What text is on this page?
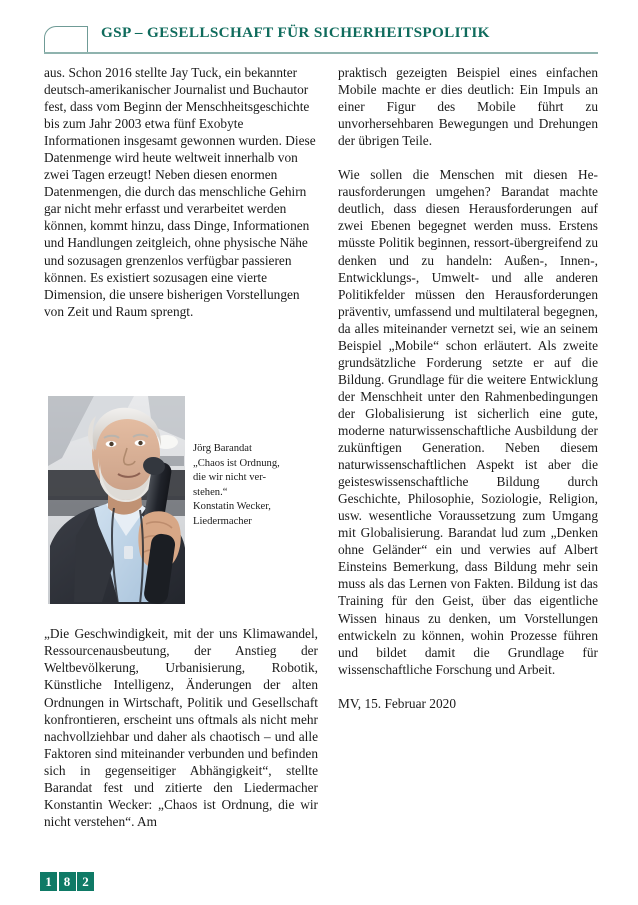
GSP – GESELLSCHAFT FÜR SICHERHEITSPOLITIK

aus. Schon 2016 stellte Jay Tuck, ein bekannter deutsch-amerikanischer Journalist und Buchautor fest, dass vom Beginn der Menschheitsgeschichte bis zum Jahr 2003 etwa fünf Exobyte Informationen insgesamt gewonnen wurden. Diese Datenmenge wird heute weltweit innerhalb von zwei Tagen erzeugt! Neben diesen enormen Datenmengen, die durch das menschliche Gehirn gar nicht mehr erfasst und verarbeitet werden können, kommt hinzu, dass Dinge, Informationen und Handlungen zeitgleich, ohne physische Nähe und sozusagen grenzenlos verfügbar passieren können. Es existiert sozusagen eine vierte Dimension, die unsere bisherigen Vorstellungen von Zeit und Raum sprengt.

Jörg Barandat
„Chaos ist Ordnung,
die wir nicht ver-
stehen.“
Konstatin Wecker,
Liedermacher

„Die Geschwindigkeit, mit der uns Klimawandel, Ressourcenausbeutung, der Anstieg der Weltbevölkerung, Urbanisierung, Robotik, Künstliche Intelligenz, Änderungen der alten Ordnungen in Wirtschaft, Politik und Gesellschaft konfrontieren, erscheint uns oftmals als nicht mehr nachvollziehbar und daher als chaotisch – und alle Faktoren sind miteinander verbunden und befinden sich in gegenseitiger Abhängigkeit“, stellte Barandat fest und zitierte den Liedermacher Konstantin Wecker: „Chaos ist Ordnung, die wir nicht verstehen“. Am

praktisch gezeigten Beispiel eines einfachen Mobile machte er dies deutlich: Ein Impuls an einer Figur des Mobile führt zu unvorhersehbaren Bewegungen und Drehungen der übrigen Teile.

Wie sollen die Menschen mit diesen Herausforderungen umgehen? Barandat machte deutlich, dass diesen Herausforderungen auf zwei Ebenen begegnet werden muss. Erstens müsste Politik beginnen, ressort-übergreifend zu denken und zu handeln: Außen-, Innen-, Entwicklungs-, Umwelt- und alle anderen Politikfelder müssen den Herausforderungen präventiv, umfassend und multilateral begegnen, da alles miteinander vernetzt sei, wie an seinem Beispiel „Mobile“ schon erläutert. Als zweite grundsätzliche Forderung setzte er auf die Bildung. Grundlage für die weitere Entwicklung der Menschheit unter den Rahmenbedingungen der Globalisierung ist sicherlich eine gute, moderne naturwissenschaftliche Ausbildung der zukünftigen Generation. Neben diesem naturwissenschaftlichen Aspekt ist aber die geisteswissenschaftliche Bildung durch Geschichte, Philosophie, Soziologie, Religion, usw. wesentliche Voraussetzung zum Umgang mit Globalisierung. Barandat lud zum „Denken ohne Geländer“ ein und verwies auf Albert Einsteins Bemerkung, dass Bildung mehr sein muss als das Lernen von Fakten. Bildung ist das Training für den Geist, über das eigentliche Wissen hinaus zu denken, um Vorstellungen entwickeln zu können, wohin Prozesse führen und bildet damit die Grundlage für wissenschaftliche Forschung und Arbeit.

MV, 15. Februar 2020

1 8 2
